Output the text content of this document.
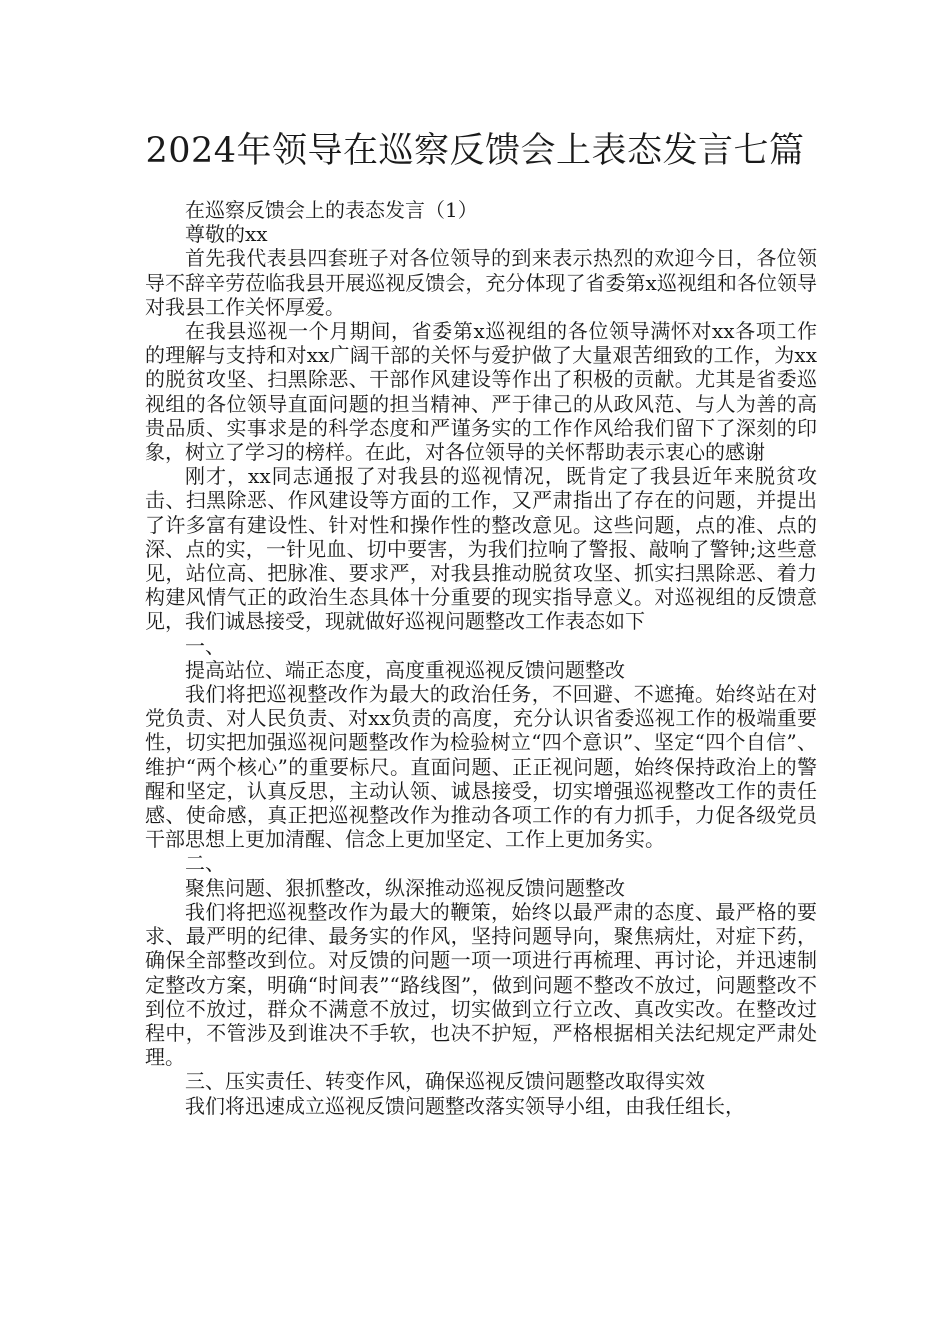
2024年领导在巡察反馈会上表态发言七篇

在巡察反馈会上的表态发言（1）

尊敬的xx

首先我代表县四套班子对各位领导的到来表示热烈的欢迎今日，各位领导不辞辛劳莅临我县开展巡视反馈会，充分体现了省委第x巡视组和各位领导对我县工作关怀厚爱。

在我县巡视一个月期间，省委第x巡视组的各位领导满怀对xx各项工作的理解与支持和对xx广阔干部的关怀与爱护做了大量艰苦细致的工作，为xx的脱贫攻坚、扫黑除恶、干部作风建设等作出了积极的贡献。尤其是省委巡视组的各位领导直面问题的担当精神、严于律己的从政风范、与人为善的高贵品质、实事求是的科学态度和严谨务实的工作作风给我们留下了深刻的印象，树立了学习的榜样。在此，对各位领导的关怀帮助表示衷心的感谢

刚才，xx同志通报了对我县的巡视情况，既肯定了我县近年来脱贫攻击、扫黑除恶、作风建设等方面的工作，又严肃指出了存在的问题，并提出了许多富有建设性、针对性和操作性的整改意见。这些问题，点的准、点的深、点的实，一针见血、切中要害，为我们拉响了警报、敲响了警钟;这些意见，站位高、把脉准、要求严，对我县推动脱贫攻坚、抓实扫黑除恶、着力构建风情气正的政治生态具体十分重要的现实指导意义。对巡视组的反馈意见，我们诚恳接受，现就做好巡视问题整改工作表态如下

一、

提高站位、端正态度，高度重视巡视反馈问题整改

我们将把巡视整改作为最大的政治任务，不回避、不遮掩。始终站在对党负责、对人民负责、对xx负责的高度，充分认识省委巡视工作的极端重要性，切实把加强巡视问题整改作为检验树立“四个意识”、坚定“四个自信”、维护“两个核心”的重要标尺。直面问题、正正视问题，始终保持政治上的警醒和坚定，认真反思，主动认领、诚恳接受，切实增强巡视整改工作的责任感、使命感，真正把巡视整改作为推动各项工作的有力抓手，力促各级党员干部思想上更加清醒、信念上更加坚定、工作上更加务实。

二、

聚焦问题、狠抓整改，纵深推动巡视反馈问题整改

我们将把巡视整改作为最大的鞭策，始终以最严肃的态度、最严格的要求、最严明的纪律、最务实的作风，坚持问题导向，聚焦病灶，对症下药，确保全部整改到位。对反馈的问题一项一项进行再梳理、再讨论，并迅速制定整改方案，明确“时间表”“路线图”，做到问题不整改不放过，问题整改不到位不放过，群众不满意不放过，切实做到立行立改、真改实改。在整改过程中，不管涉及到谁决不手软，也决不护短，严格根据相关法纪规定严肃处理。

三、压实责任、转变作风，确保巡视反馈问题整改取得实效

我们将迅速成立巡视反馈问题整改落实领导小组，由我任组长，
